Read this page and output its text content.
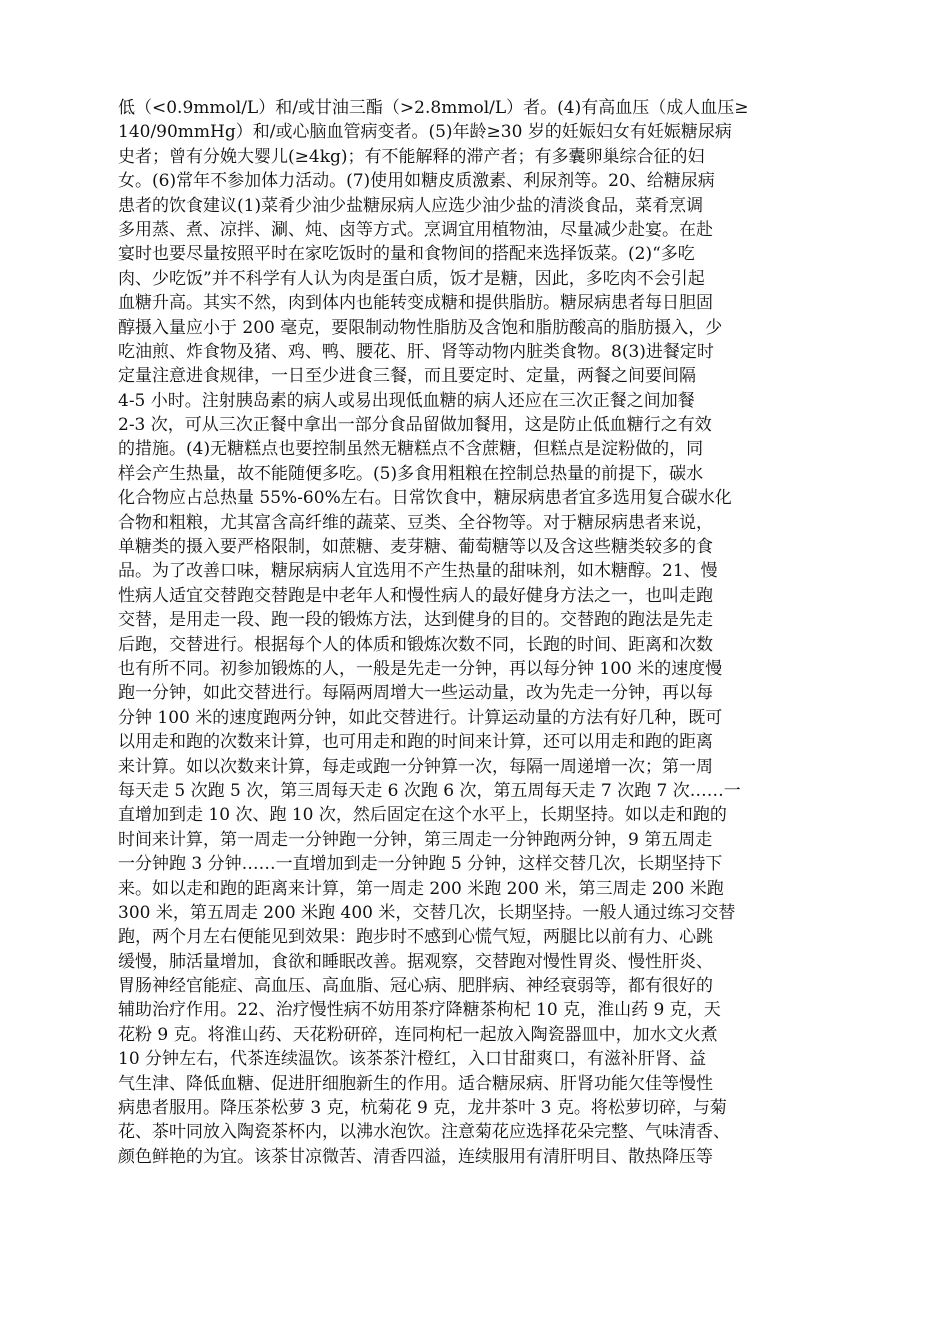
低（<0.9mmol/L）和/或甘油三酯（>2.8mmol/L）者。(4)有高血压（成人血压≥
140/90mmHg）和/或心脑血管病变者。(5)年龄≥30 岁的妊娠妇女有妊娠糖尿病
史者；曾有分娩大婴儿(≥4kg)；有不能解释的滞产者；有多囊卵巢综合征的妇
女。(6)常年不参加体力活动。(7)使用如糖皮质激素、利尿剂等。20、给糖尿病
患者的饮食建议(1)菜肴少油少盐糖尿病人应选少油少盐的清淡食品，菜肴烹调
多用蒸、煮、凉拌、涮、炖、卤等方式。烹调宜用植物油，尽量减少赴宴。在赴
宴时也要尽量按照平时在家吃饭时的量和食物间的搭配来选择饭菜。(2)“多吃
肉、少吃饭”并不科学有人认为肉是蛋白质，饭才是糖，因此，多吃肉不会引起
血糖升高。其实不然，肉到体内也能转变成糖和提供脂肪。糖尿病患者每日胆固
醇摄入量应小于 200 毫克，要限制动物性脂肪及含饱和脂肪酸高的脂肪摄入，少
吃油煎、炸食物及猪、鸡、鸭、腰花、肝、肾等动物内脏类食物。8(3)进餐定时
定量注意进食规律，一日至少进食三餐，而且要定时、定量，两餐之间要间隔
4-5 小时。注射胰岛素的病人或易出现低血糖的病人还应在三次正餐之间加餐
2-3 次，可从三次正餐中拿出一部分食品留做加餐用，这是防止低血糖行之有效
的措施。(4)无糖糕点也要控制虽然无糖糕点不含蔗糖，但糕点是淀粉做的，同
样会产生热量，故不能随便多吃。(5)多食用粗粮在控制总热量的前提下，碳水
化合物应占总热量 55%-60%左右。日常饮食中，糖尿病患者宜多选用复合碳水化
合物和粗粮，尤其富含高纤维的蔬菜、豆类、全谷物等。对于糖尿病患者来说，
单糖类的摄入要严格限制，如蔗糖、麦芽糖、葡萄糖等以及含这些糖类较多的食
品。为了改善口味，糖尿病病人宜选用不产生热量的甜味剂，如木糖醇。21、慢
性病人适宜交替跑交替跑是中老年人和慢性病人的最好健身方法之一，也叫走跑
交替，是用走一段、跑一段的锻炼方法，达到健身的目的。交替跑的跑法是先走
后跑，交替进行。根据每个人的体质和锻炼次数不同，长跑的时间、距离和次数
也有所不同。初参加锻炼的人，一般是先走一分钟，再以每分钟 100 米的速度慢
跑一分钟，如此交替进行。每隔两周增大一些运动量，改为先走一分钟，再以每
分钟 100 米的速度跑两分钟，如此交替进行。计算运动量的方法有好几种，既可
以用走和跑的次数来计算，也可用走和跑的时间来计算，还可以用走和跑的距离
来计算。如以次数来计算，每走或跑一分钟算一次，每隔一周递增一次；第一周
每天走 5 次跑 5 次，第三周每天走 6 次跑 6 次，第五周每天走 7 次跑 7 次……一
直增加到走 10 次、跑 10 次，然后固定在这个水平上，长期坚持。如以走和跑的
时间来计算，第一周走一分钟跑一分钟，第三周走一分钟跑两分钟，9 第五周走
一分钟跑 3 分钟……一直增加到走一分钟跑 5 分钟，这样交替几次，长期坚持下
来。如以走和跑的距离来计算，第一周走 200 米跑 200 米，第三周走 200 米跑
300 米，第五周走 200 米跑 400 米，交替几次，长期坚持。一般人通过练习交替
跑，两个月左右便能见到效果：跑步时不感到心慌气短，两腿比以前有力、心跳
缓慢，肺活量增加，食欲和睡眠改善。据观察，交替跑对慢性胃炎、慢性肝炎、
胃肠神经官能症、高血压、高血脂、冠心病、肥胖病、神经衰弱等，都有很好的
辅助治疗作用。22、治疗慢性病不妨用茶疗降糖茶枸杞 10 克，淮山药 9 克，天
花粉 9 克。将淮山药、天花粉研碎，连同枸杞一起放入陶瓷器皿中，加水文火煮
10 分钟左右，代茶连续温饮。该茶茶汁橙红，入口甘甜爽口，有滋补肝肾、益
气生津、降低血糖、促进肝细胞新生的作用。适合糖尿病、肝肾功能欠佳等慢性
病患者服用。降压茶松萝 3 克，杭菊花 9 克，龙井茶叶 3 克。将松萝切碎，与菊
花、茶叶同放入陶瓷茶杯内，以沸水泡饮。注意菊花应选择花朵完整、气味清香、
颜色鲜艳的为宜。该茶甘凉微苦、清香四溢，连续服用有清肝明目、散热降压等
